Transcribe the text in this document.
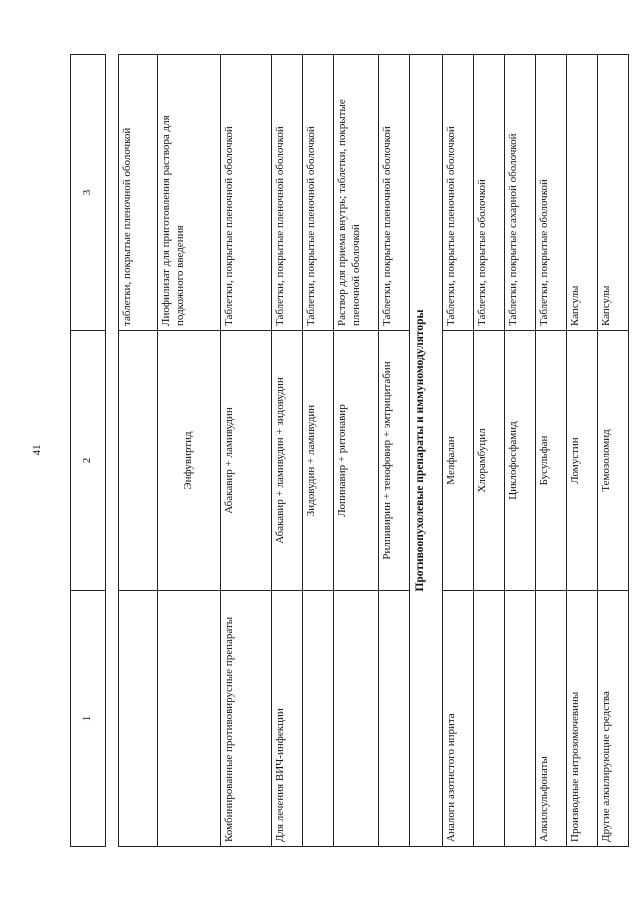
41
1	2	3

		таблетки, покрытые пленочной оболочкой
	Энфувиртид	Лиофилизат для приготовления раствора для подкожного введения
Комбинированные противовирусные препараты	Абакавир + ламивудин	Таблетки, покрытые пленочной оболочкой
Для лечения ВИЧ-инфекции	Абакавир + ламивудин + зидовудин	Таблетки, покрытые пленочной оболочкой
	Зидовудин + ламивудин	Таблетки, покрытые пленочной оболочкой
	Лопинавир + ритонавир	Раствор для приема внутрь; таблетки, покрытые пленочной оболочкой
	Рилпивирин + тенофовир + эмтрицитабин	Таблетки, покрытые пленочной оболочкой
Противоопухолевые препараты и иммуномодуляторы		
Аналоги азотистого иприта	Мелфалан	Таблетки, покрытые пленочной оболочкой
	Хлорамбуцил	Таблетки, покрытые оболочкой
	Циклофосфамид	Таблетки, покрытые сахарной оболочкой
Алкилсульфонаты	Бусульфан	Таблетки, покрытые оболочкой
Производные нитрозомочевины	Ломустин	Капсулы
Другие алкилирующие средства	Темозоломид	Капсулы
